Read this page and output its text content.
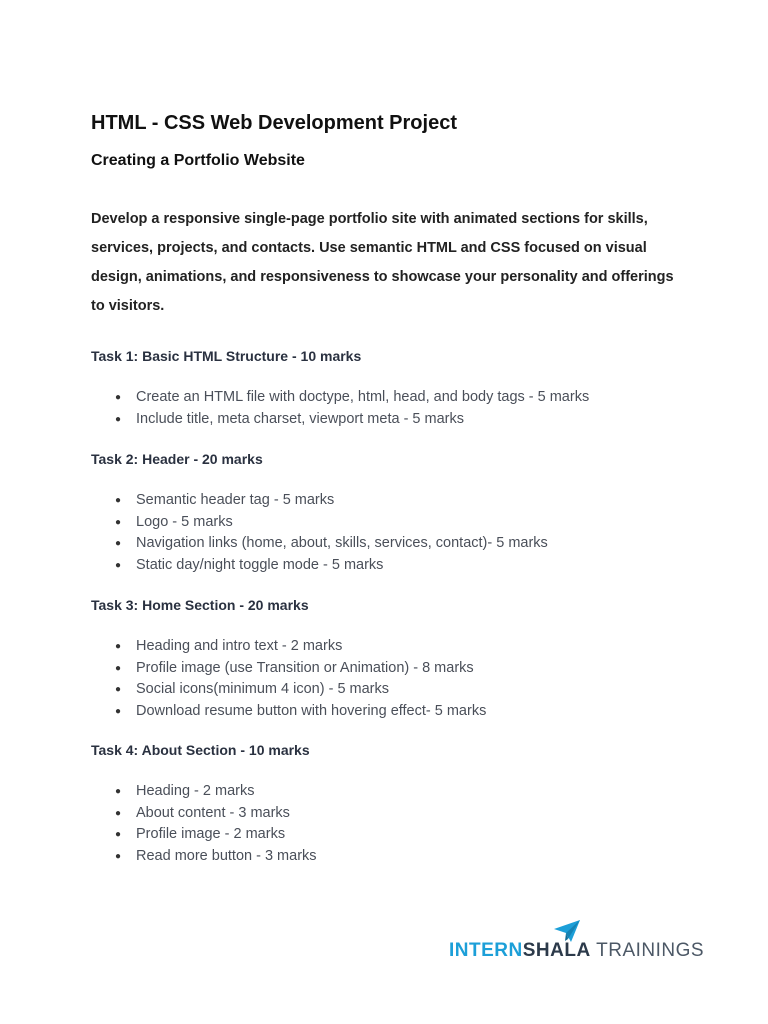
HTML - CSS Web Development Project
Creating a Portfolio Website

Develop a responsive single-page portfolio site with animated sections for skills, services, projects, and contacts. Use semantic HTML and CSS focused on visual design, animations, and responsiveness to showcase your personality and offerings to visitors.

Task 1: Basic HTML Structure - 10 marks

● Create an HTML file with doctype, html, head, and body tags - 5 marks
● Include title, meta charset, viewport meta - 5 marks

Task 2: Header - 20 marks

● Semantic header tag - 5 marks
● Logo - 5 marks
● Navigation links (home, about, skills, services, contact)- 5 marks
● Static day/night toggle mode - 5 marks

Task 3: Home Section - 20 marks

● Heading and intro text - 2 marks
● Profile image (use Transition or Animation) - 8 marks
● Social icons(minimum 4 icon) - 5 marks
● Download resume button with hovering effect- 5 marks

Task 4: About Section - 10 marks

● Heading - 2 marks
● About content - 3 marks
● Profile image - 2 marks
● Read more button - 3 marks
INTERNSHALA TRAININGS
